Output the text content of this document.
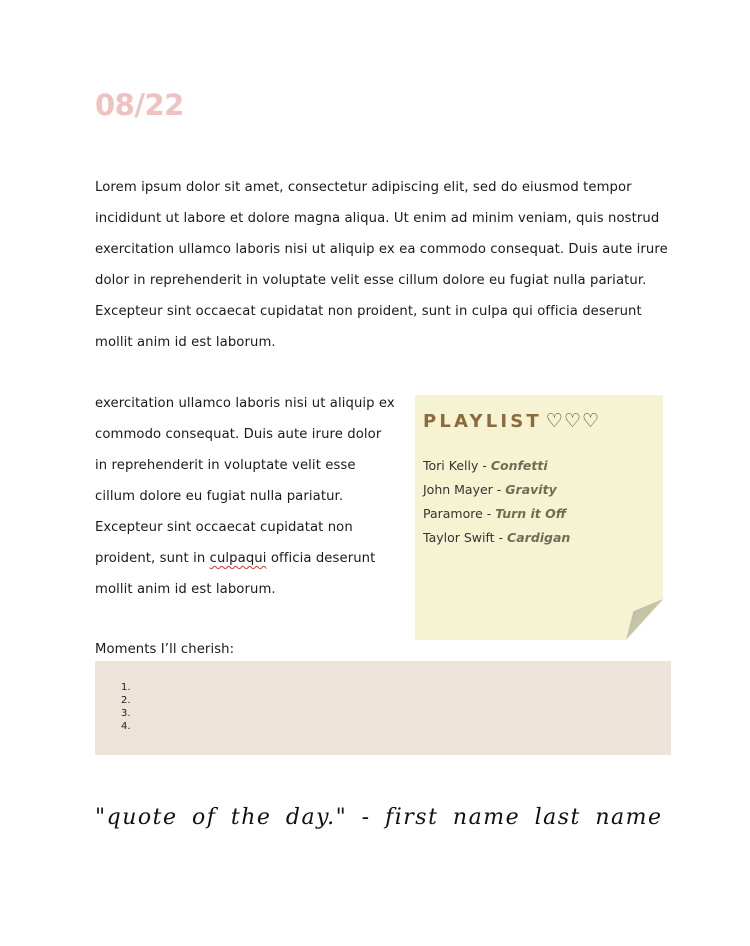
08/22

Lorem ipsum dolor sit amet, consectetur adipiscing elit, sed do eiusmod tempor incididunt ut labore et dolore magna aliqua. Ut enim ad minim veniam, quis nostrud exercitation ullamco laboris nisi ut aliquip ex ea commodo consequat. Duis aute irure dolor in reprehenderit in voluptate velit esse cillum dolore eu fugiat nulla pariatur. Excepteur sint occaecat cupidatat non proident, sunt in culpa qui officia deserunt mollit anim id est laborum.

exercitation ullamco laboris nisi ut aliquip ex commodo consequat. Duis aute irure dolor in reprehenderit in voluptate velit esse cillum dolore eu fugiat nulla pariatur. Excepteur sint occaecat cupidatat non proident, sunt in culpaqui officia deserunt mollit anim id est laborum.

PLAYLIST ♡♡♡
Tori Kelly - Confetti
John Mayer - Gravity
Paramore - Turn it Off
Taylor Swift - Cardigan
Moments I’ll cherish:
1.
2.
3.
4.
"quote of the day." - first name last name
